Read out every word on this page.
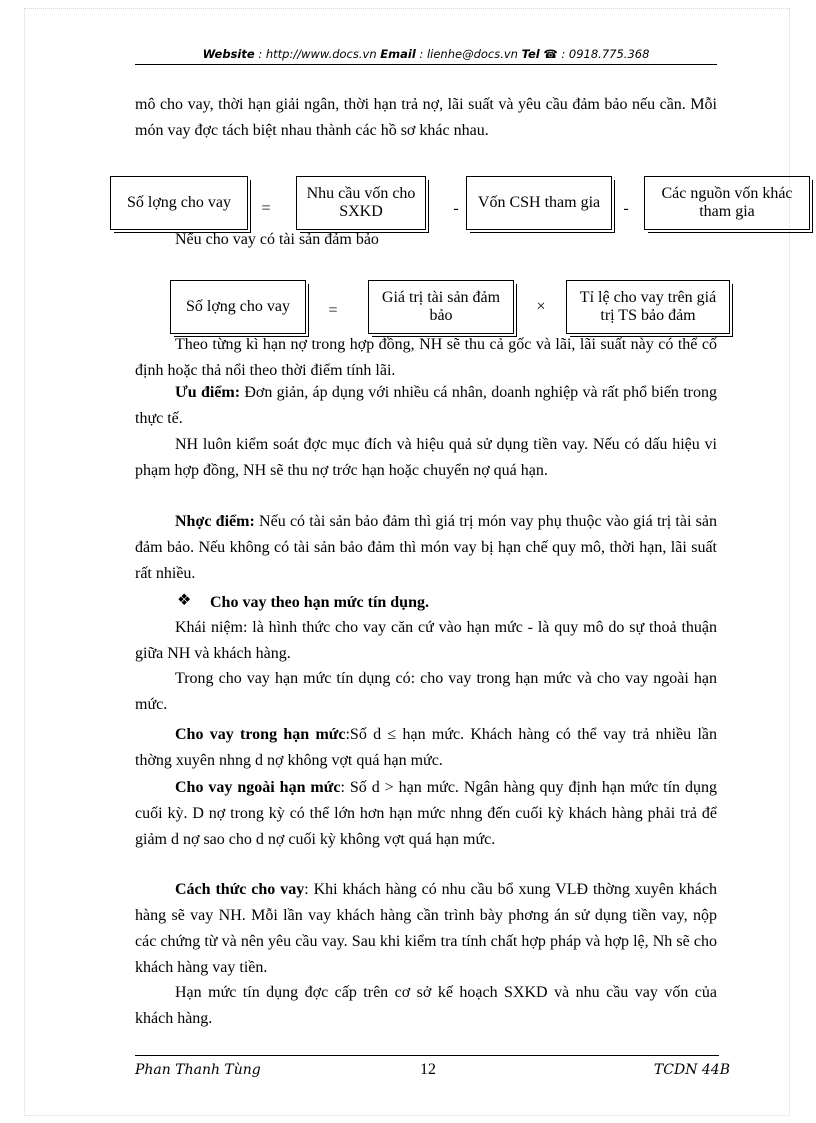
Website : http://www.docs.vn Email : lienhe@docs.vn Tel ☎ : 0918.775.368

mô cho vay, thời hạn giải ngân, thời hạn trả nợ, lãi suất và yêu cầu đảm bảo nếu cần. Mỗi món vay đợc tách biệt nhau thành các hồ sơ khác nhau.

Số lợng cho vay	=
Nhu cầu vốn cho SXKD	-	Vốn CSH tham gia	-
Các nguồn vốn khác tham gia

Nếu cho vay có tài sản đảm bảo

Số lợng cho vay	=
Giá trị tài sản đảm bảo
×
Tỉ lệ cho vay trên giá trị TS bảo đảm

Theo từng kì hạn nợ trong hợp đồng, NH sẽ thu cả gốc và lãi, lãi suất này có thể cố định hoặc thả nổi theo thời điểm tính lãi.

Ưu điểm: Đơn giản, áp dụng với nhiều cá nhân, doanh nghiệp và rất phổ biến trong thực tế.

NH luôn kiểm soát đợc mục đích và hiệu quả sử dụng tiền vay. Nếu có dấu hiệu vi phạm hợp đồng, NH sẽ thu nợ trớc hạn hoặc chuyển nợ quá hạn.

Nhợc điểm: Nếu có tài sản bảo đảm thì giá trị món vay phụ thuộc vào giá trị tài sản đảm bảo. Nếu không có tài sản bảo đảm thì món vay bị hạn chế quy mô, thời hạn, lãi suất rất nhiều.

❖ Cho vay theo hạn mức tín dụng.

Khái niệm: là hình thức cho vay căn cứ vào hạn mức - là quy mô do sự thoả thuận giữa NH và khách hàng.

Trong cho vay hạn mức tín dụng có: cho vay trong hạn mức và cho vay ngoài hạn mức.

Cho vay trong hạn mức:Số d ≤ hạn mức. Khách hàng có thể vay trả nhiều lần thờng xuyên nhng d nợ không vợt quá hạn mức.

Cho vay ngoài hạn mức: Số d > hạn mức. Ngân hàng quy định hạn mức tín dụng cuối kỳ. D nợ trong kỳ có thể lớn hơn hạn mức nhng đến cuối kỳ khách hàng phải trả để giảm d nợ sao cho d nợ cuối kỳ không vợt quá hạn mức.

Cách thức cho vay: Khi khách hàng có nhu cầu bổ xung VLĐ thờng xuyên khách hàng sẽ vay NH. Mỗi lần vay khách hàng cần trình bày phơng án sử dụng tiền vay, nộp các chứng từ và nên yêu cầu vay. Sau khi kiểm tra tính chất hợp pháp và hợp lệ, Nh sẽ cho khách hàng vay tiền.

Hạn mức tín dụng đợc cấp trên cơ sở kế hoạch SXKD và nhu cầu vay vốn của khách hàng.

Phan Thanh Tùng	12	TCDN 44B
